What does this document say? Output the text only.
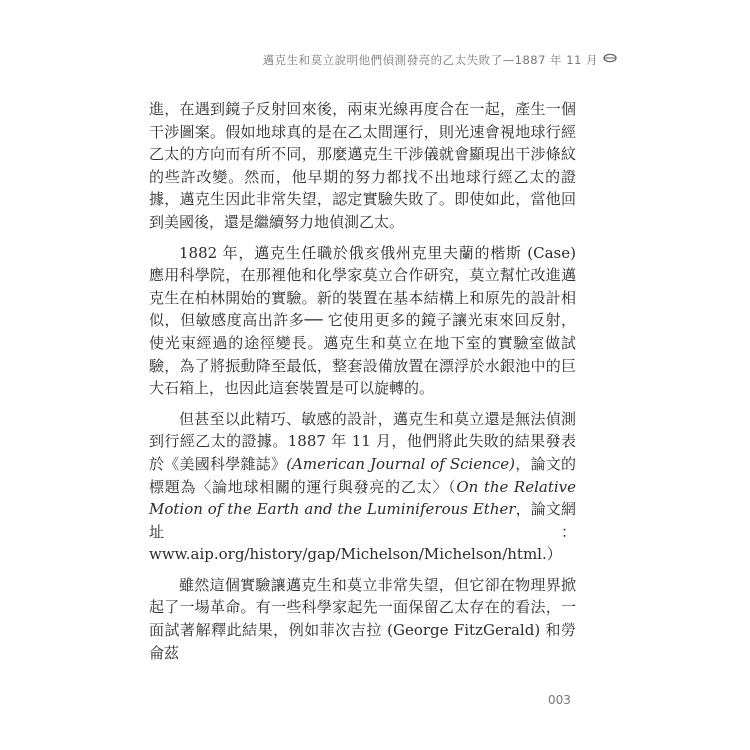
邁克生和莫立說明他們偵測發亮的乙太失敗了—1887 年 11 月

進，在遇到鏡子反射回來後，兩束光線再度合在一起，產生一個干涉圖案。假如地球真的是在乙太間運行，則光速會視地球行經乙太的方向而有所不同，那麼邁克生干涉儀就會顯現出干涉條紋的些許改變。然而，他早期的努力都找不出地球行經乙太的證據，邁克生因此非常失望，認定實驗失敗了。即使如此，當他回到美國後，還是繼續努力地偵測乙太。

1882 年，邁克生任職於俄亥俄州克里夫蘭的楷斯 (Case) 應用科學院，在那裡他和化學家莫立合作研究，莫立幫忙改進邁克生在柏林開始的實驗。新的裝置在基本結構上和原先的設計相似，但敏感度高出許多── 它使用更多的鏡子讓光束來回反射，使光束經過的途徑變長。邁克生和莫立在地下室的實驗室做試驗，為了將振動降至最低，整套設備放置在漂浮於水銀池中的巨大石箱上，也因此這套裝置是可以旋轉的。

但甚至以此精巧、敏感的設計，邁克生和莫立還是無法偵測到行經乙太的證據。1887 年 11 月，他們將此失敗的結果發表於《美國科學雜誌》(American Journal of Science)，論文的標題為〈論地球相關的運行與發亮的乙太〉（On the Relative Motion of the Earth and the Luminiferous Ether，論文網址：www.aip.org/history/gap/Michelson/Michelson/html.）

雖然這個實驗讓邁克生和莫立非常失望，但它卻在物理界掀起了一場革命。有一些科學家起先一面保留乙太存在的看法，一面試著解釋此結果，例如菲次吉拉 (George FitzGerald) 和勞侖茲

003
